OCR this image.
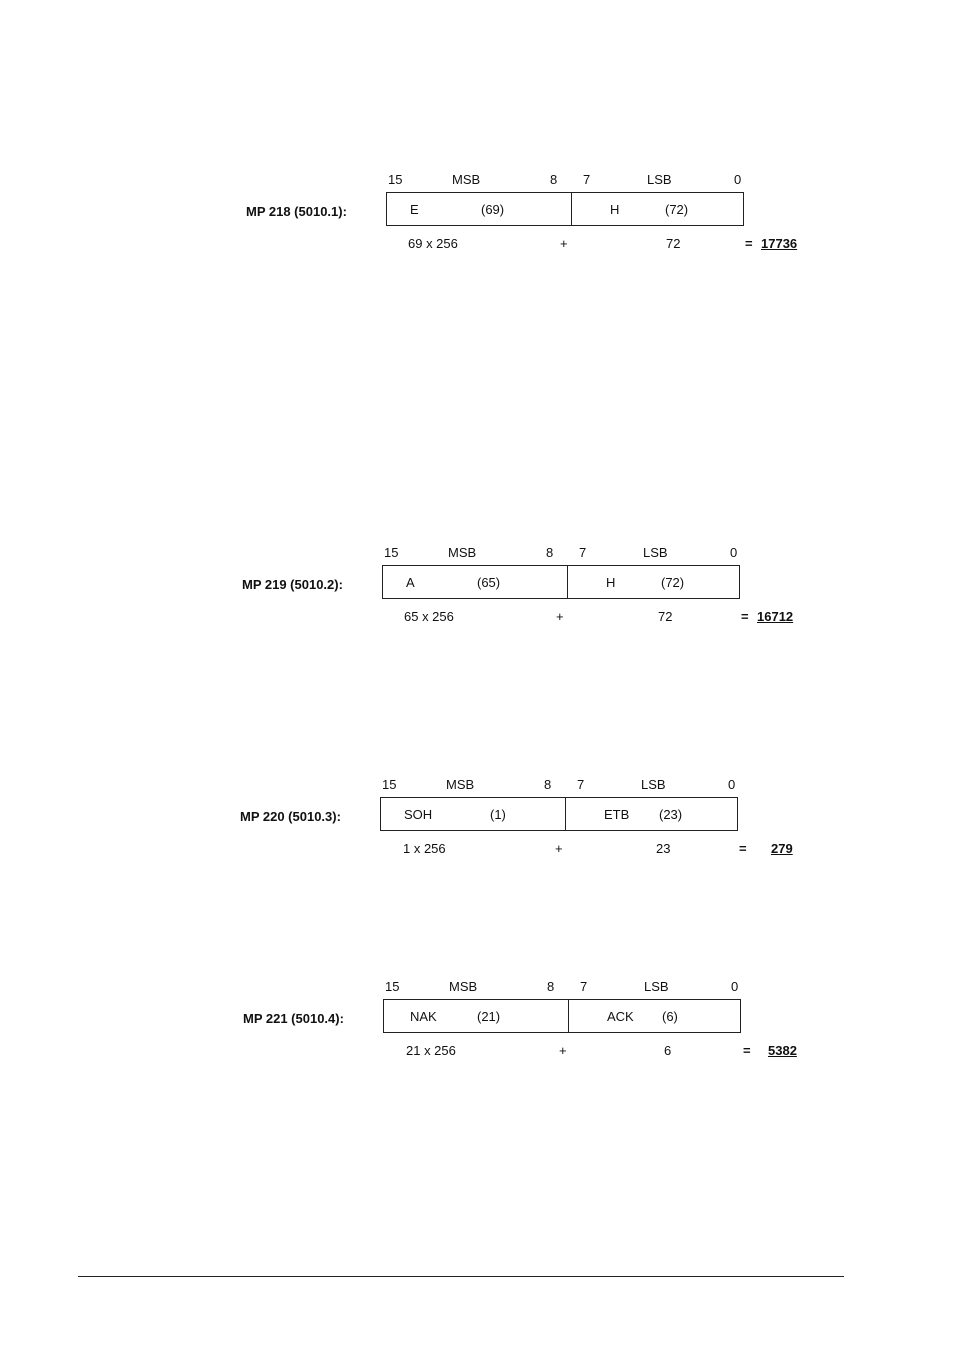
15	MSB	8 7	LSB	0
MP 218 (5010.1):	E	(69)	H	(72)
69 x 256	+	72	= 17736
15	MSB	8 7	LSB	0
MP 219 (5010.2):	A	(65)	H	(72)
65 x 256	+	72	= 16712
15	MSB	8 7	LSB	0
MP 220 (5010.3):	SOH	(1)	ETB (23)
1 x 256	+	23	= 279
15	MSB	8 7	LSB	0
MP 221 (5010.4):	NAK	(21)	ACK (6)
21 x 256	+	6	= 5382
